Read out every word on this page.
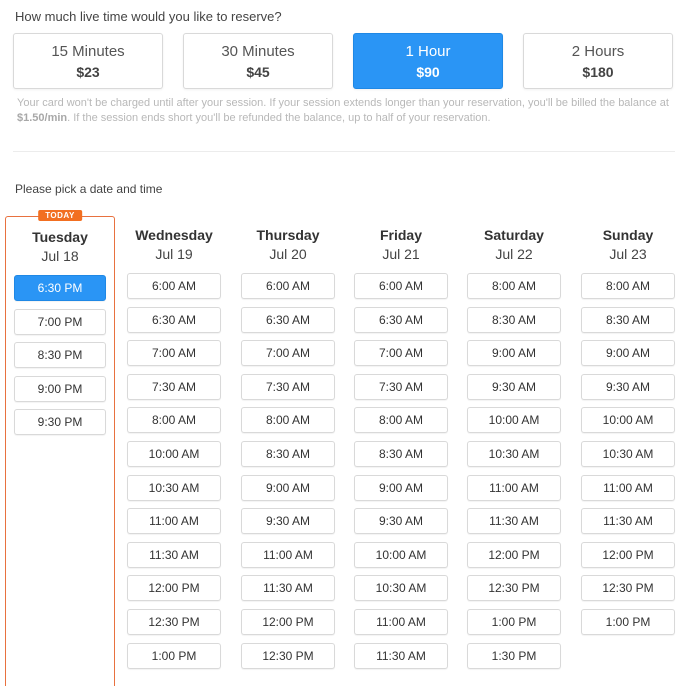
How much live time would you like to reserve?
15 Minutes
$23
30 Minutes
$45
1 Hour
$90
2 Hours
$180
Your card won't be charged until after your session. If your session extends longer than your reservation, you'll be billed the balance at $1.50/min. If the session ends short you'll be refunded the balance, up to half of your reservation.
Please pick a date and time
TODAY
Tuesday
Jul 18
6:30 PM
7:00 PM
8:30 PM
9:00 PM
9:30 PM
Wednesday
Jul 19
6:00 AM
6:30 AM
7:00 AM
7:30 AM
8:00 AM
10:00 AM
10:30 AM
11:00 AM
11:30 AM
12:00 PM
12:30 PM
1:00 PM
Thursday
Jul 20
6:00 AM
6:30 AM
7:00 AM
7:30 AM
8:00 AM
8:30 AM
9:00 AM
9:30 AM
11:00 AM
11:30 AM
12:00 PM
12:30 PM
Friday
Jul 21
6:00 AM
6:30 AM
7:00 AM
7:30 AM
8:00 AM
8:30 AM
9:00 AM
9:30 AM
10:00 AM
10:30 AM
11:00 AM
11:30 AM
Saturday
Jul 22
8:00 AM
8:30 AM
9:00 AM
9:30 AM
10:00 AM
10:30 AM
11:00 AM
11:30 AM
12:00 PM
12:30 PM
1:00 PM
1:30 PM
Sunday
Jul 23
8:00 AM
8:30 AM
9:00 AM
9:30 AM
10:00 AM
10:30 AM
11:00 AM
11:30 AM
12:00 PM
12:30 PM
1:00 PM
